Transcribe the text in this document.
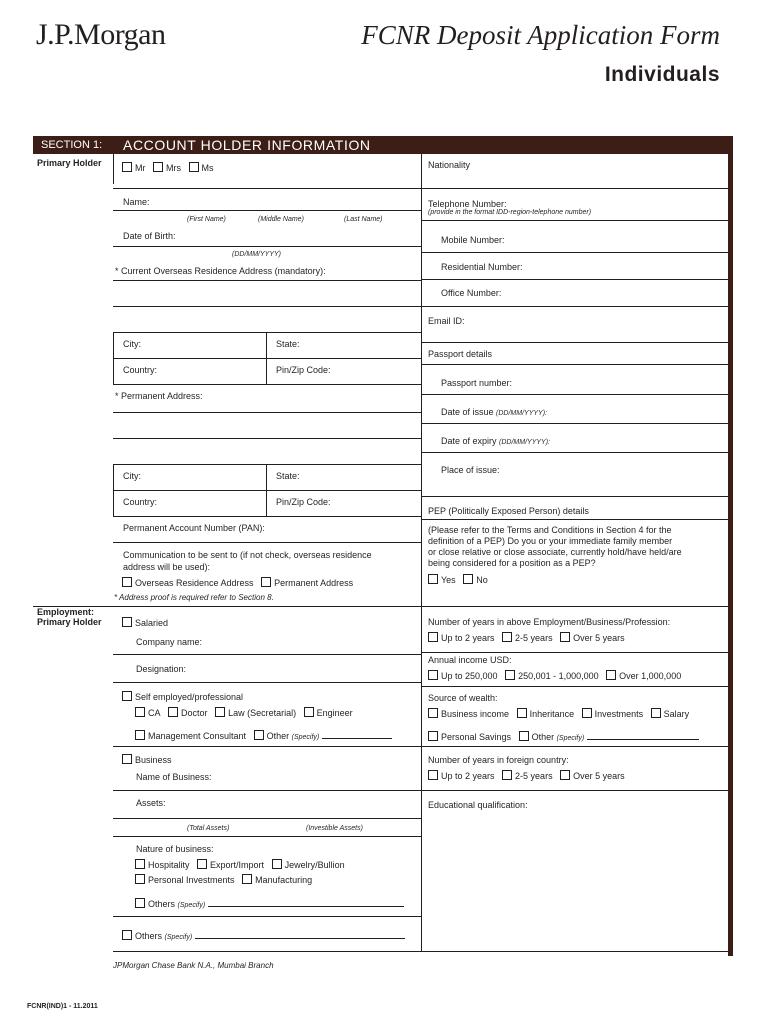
J.P.Morgan	FCNR Deposit Application Form
Individuals
SECTION 1: ACCOUNT HOLDER INFORMATION
Primary Holder	Mr Mrs Ms
Name:
(First Name)	(Middle Name)	(Last Name)
Date of Birth:
(DD/MM/YYYY)
* Current Overseas Residence Address (mandatory):
City:	State:
Country:	Pin/Zip Code:
* Permanent Address:
City:	State:
Country:	Pin/Zip Code:
Permanent Account Number (PAN):
Communication to be sent to (if not check, overseas residence
address will be used):
Overseas Residence Address Permanent Address
* Address proof is required refer to Section 8.
Nationality
Telephone Number:
(provide in the format IDD-region-telephone number)
Mobile Number:
Residential Number:
Office Number:
Email ID:
Passport details
Passport number:
Date of issue (DD/MM/YYYY):
Date of expiry (DD/MM/YYYY):
Place of issue:
PEP (Politically Exposed Person) details
(Please refer to the Terms and Conditions in Section 4 for the
definition of a PEP) Do you or your immediate family member
or close relative or close associate, currently hold/have held/are
being considered for a position as a PEP?
Yes No
Employment:
Primary Holder	Salaried
Company name:
Designation:
Self employed/professional
CA Doctor Law (Secretarial) Engineer
Management Consultant Other (Specify)
Business
Name of Business:
Assets:
(Total Assets)	(Investible Assets)
Nature of business:
Hospitality Export/Import Jewelry/Bullion
Personal Investments Manufacturing
Others (Specify)
Others (Specify)
Number of years in above Employment/Business/Profession:
Up to 2 years 2-5 years Over 5 years
Annual income USD:
Up to 250,000 250,001 - 1,000,000 Over 1,000,000
Source of wealth:
Business income Inheritance Investments Salary
Personal Savings Other (Specify)
Number of years in foreign country:
Up to 2 years 2-5 years Over 5 years
Educational qualification:
JPMorgan Chase Bank N.A., Mumbai Branch
FCNR(IND)1 - 11.2011
